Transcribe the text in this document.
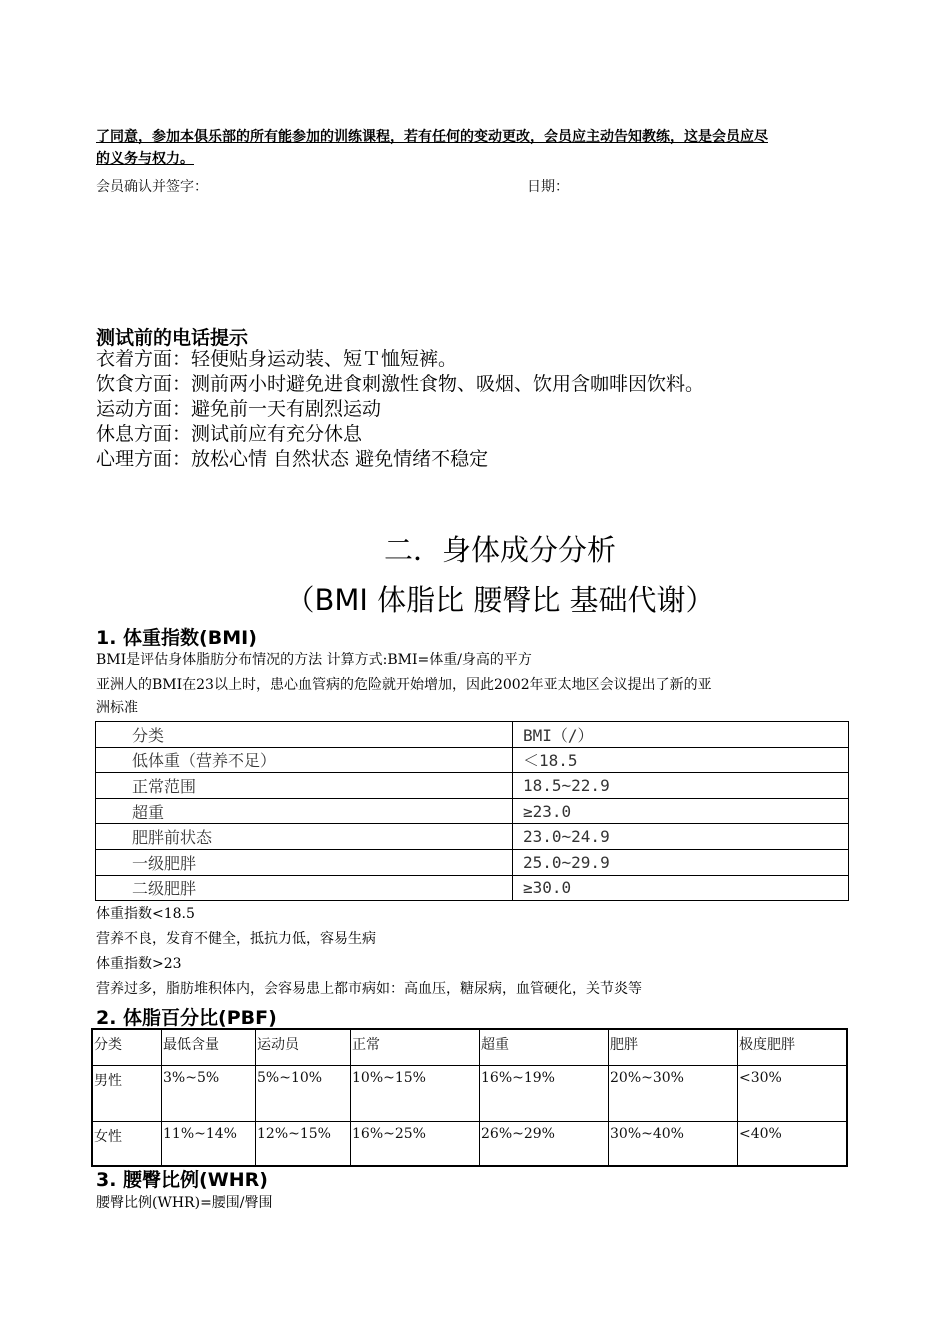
了同意，参加本俱乐部的所有能参加的训练课程，若有任何的变动更改，会员应主动告知教练，这是会员应尽
的义务与权力。
会员确认并签字：	日期：
测试前的电话提示
衣着方面：轻便贴身运动装、短Ｔ恤短裤。
饮食方面：测前两小时避免进食刺激性食物、吸烟、饮用含咖啡因饮料。
运动方面：避免前一天有剧烈运动
休息方面：测试前应有充分休息
心理方面：放松心情 自然状态 避免情绪不稳定
二．身体成分分析
（BMI 体脂比 腰臀比 基础代谢）
1. 体重指数(BMI)
BMI是评估身体脂肪分布情况的方法 计算方式:BMI=体重/身高的平方
亚洲人的BMI在23以上时，患心血管病的危险就开始增加，因此2002年亚太地区会议提出了新的亚
洲标准
分类	BMI（/）
低体重（营养不足）	＜18.5
正常范围	18.5~22.9
超重	≥23.0
肥胖前状态	23.0~24.9
一级肥胖	25.0~29.9
二级肥胖	≥30.0
体重指数<18.5
营养不良，发育不健全，抵抗力低，容易生病
体重指数>23
营养过多，脂肪堆积体内，会容易患上都市病如：高血压，糖尿病，血管硬化，关节炎等
2. 体脂百分比(PBF)
分类	最低含量	运动员	正常	超重	肥胖	极度肥胖
男性	3%~5%	5%~10%	10%~15%	16%~19%	20%~30%	<30%
女性	11%~14%	12%~15%	16%~25%	26%~29%	30%~40%	<40%
3. 腰臀比例(WHR)
腰臀比例(WHR)=腰围/臀围
